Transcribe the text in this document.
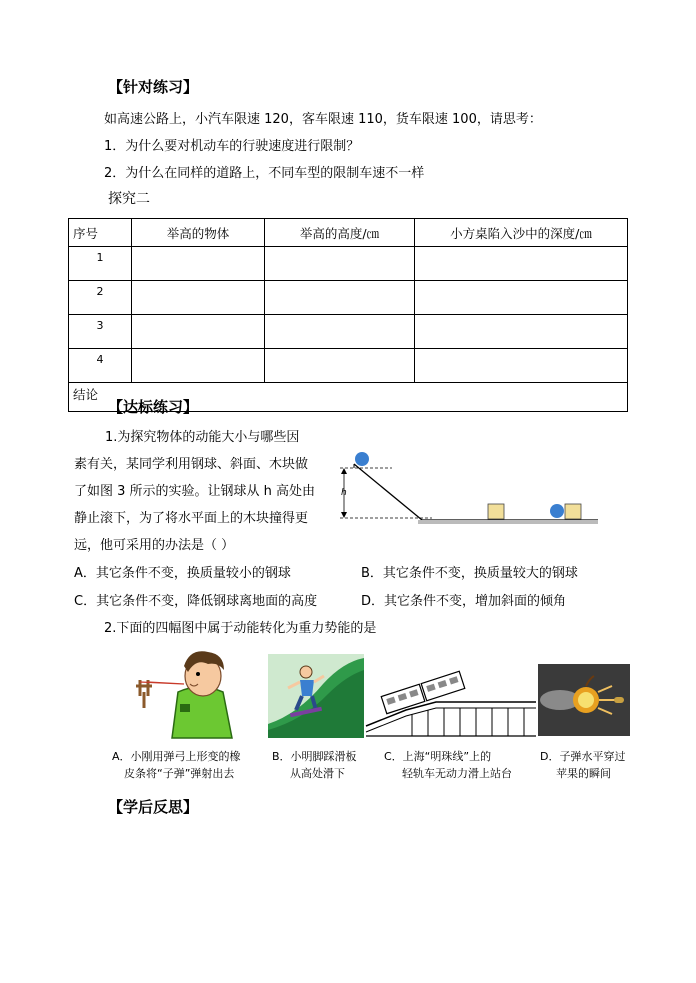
【针对练习】
如高速公路上，小汽车限速 120，客车限速 110，货车限速 100，请思考：
1．为什么要对机动车的行驶速度进行限制？
2．为什么在同样的道路上，不同车型的限制车速不一样
探究二
序号	举高的物体	举高的高度/㎝	小方桌陷入沙中的深度/㎝
1			
2			
3			
4			
结论			
【达标练习】
1.为探究物体的动能大小与哪些因
素有关，某同学利用钢球、斜面、木块做
了如图 3 所示的实验。让钢球从 h 高处由
静止滚下，为了将水平面上的木块撞得更
远，他可采用的办法是（ ）
h
A．其它条件不变，换质量较小的钢球	B．其它条件不变，换质量较大的钢球
C．其它条件不变，降低钢球离地面的高度	D．其它条件不变，增加斜面的倾角
2.下面的四幅图中属于动能转化为重力势能的是
A．小刚用弹弓上形变的橡
皮条将“子弹”弹射出去
B．小明脚踩滑板
从高处滑下
C．上海“明珠线”上的
轻轨车无动力滑上站台
D．子弹水平穿过
苹果的瞬间
【学后反思】
